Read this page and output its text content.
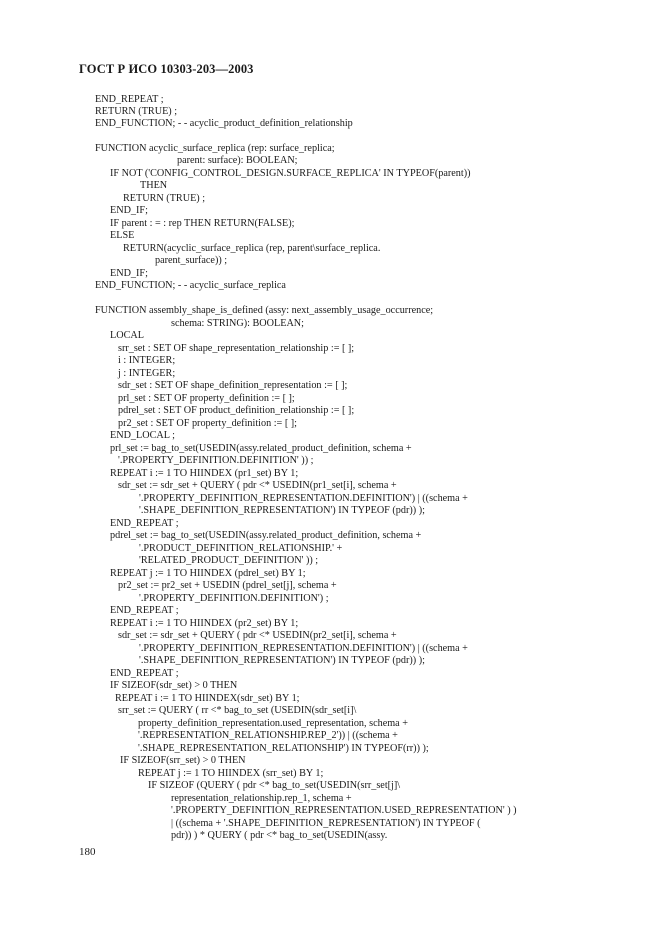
ГОСТ Р ИСО 10303-203—2003
END_REPEAT ;
RETURN (TRUE) ;
END_FUNCTION; - - acyclic_product_definition_relationship
FUNCTION acyclic_surface_replica (rep: surface_replica;
parent: surface): BOOLEAN;
IF NOT ('CONFIG_CONTROL_DESIGN.SURFACE_REPLICA' IN TYPEOF(parent))
THEN
RETURN (TRUE) ;
END_IF;
IF parent : = : rep THEN RETURN(FALSE);
ELSE
RETURN(acyclic_surface_replica (rep, parent\surface_replica.
parent_surface)) ;
END_IF;
END_FUNCTION; - - acyclic_surface_replica
FUNCTION assembly_shape_is_defined (assy: next_assembly_usage_occurrence;
schema: STRING): BOOLEAN;
LOCAL
srr_set : SET OF shape_representation_relationship := [ ];
i : INTEGER;
j : INTEGER;
sdr_set : SET OF shape_definition_representation := [ ];
prl_set : SET OF property_definition := [ ];
pdrel_set : SET OF product_definition_relationship := [ ];
pr2_set : SET OF property_definition := [ ];
END_LOCAL ;
prl_set := bag_to_set(USEDIN(assy.related_product_definition, schema +
'.PROPERTY_DEFINITION.DEFINITION' )) ;
REPEAT i := 1 TO HIINDEX (pr1_set) BY 1;
sdr_set := sdr_set + QUERY ( pdr <* USEDIN(pr1_set[i], schema +
'.PROPERTY_DEFINITION_REPRESENTATION.DEFINITION') | ((schema +
'.SHAPE_DEFINITION_REPRESENTATION') IN TYPEOF (pdr)) );
END_REPEAT ;
pdrel_set := bag_to_set(USEDIN(assy.related_product_definition, schema +
'.PRODUCT_DEFINITION_RELATIONSHIP.' +
'RELATED_PRODUCT_DEFINITION' )) ;
REPEAT j := 1 TO HIINDEX (pdrel_set) BY 1;
pr2_set := pr2_set + USEDIN (pdrel_set[j], schema +
'.PROPERTY_DEFINITION.DEFINITION') ;
END_REPEAT ;
REPEAT i := 1 TO HIINDEX (pr2_set) BY 1;
sdr_set := sdr_set + QUERY ( pdr <* USEDIN(pr2_set[i], schema +
'.PROPERTY_DEFINITION_REPRESENTATION.DEFINITION') | ((schema +
'.SHAPE_DEFINITION_REPRESENTATION') IN TYPEOF (pdr)) );
END_REPEAT ;
IF SIZEOF(sdr_set) > 0 THEN
REPEAT i := 1 TO HIINDEX(sdr_set) BY 1;
srr_set := QUERY ( rr <* bag_to_set (USEDIN(sdr_set[i]\
property_definition_representation.used_representation, schema +
'.REPRESENTATION_RELATIONSHIP.REP_2')) | ((schema +
'.SHAPE_REPRESENTATION_RELATIONSHIP') IN TYPEOF(rr)) );
IF SIZEOF(srr_set) > 0 THEN
REPEAT j := 1 TO HIINDEX (srr_set) BY 1;
IF SIZEOF (QUERY ( pdr <* bag_to_set(USEDIN(srr_set[j]\
representation_relationship.rep_1, schema +
'.PROPERTY_DEFINITION_REPRESENTATION.USED_REPRESENTATION' ) )
| ((schema + '.SHAPE_DEFINITION_REPRESENTATION') IN TYPEOF (
pdr)) ) * QUERY ( pdr <* bag_to_set(USEDIN(assy.
180
